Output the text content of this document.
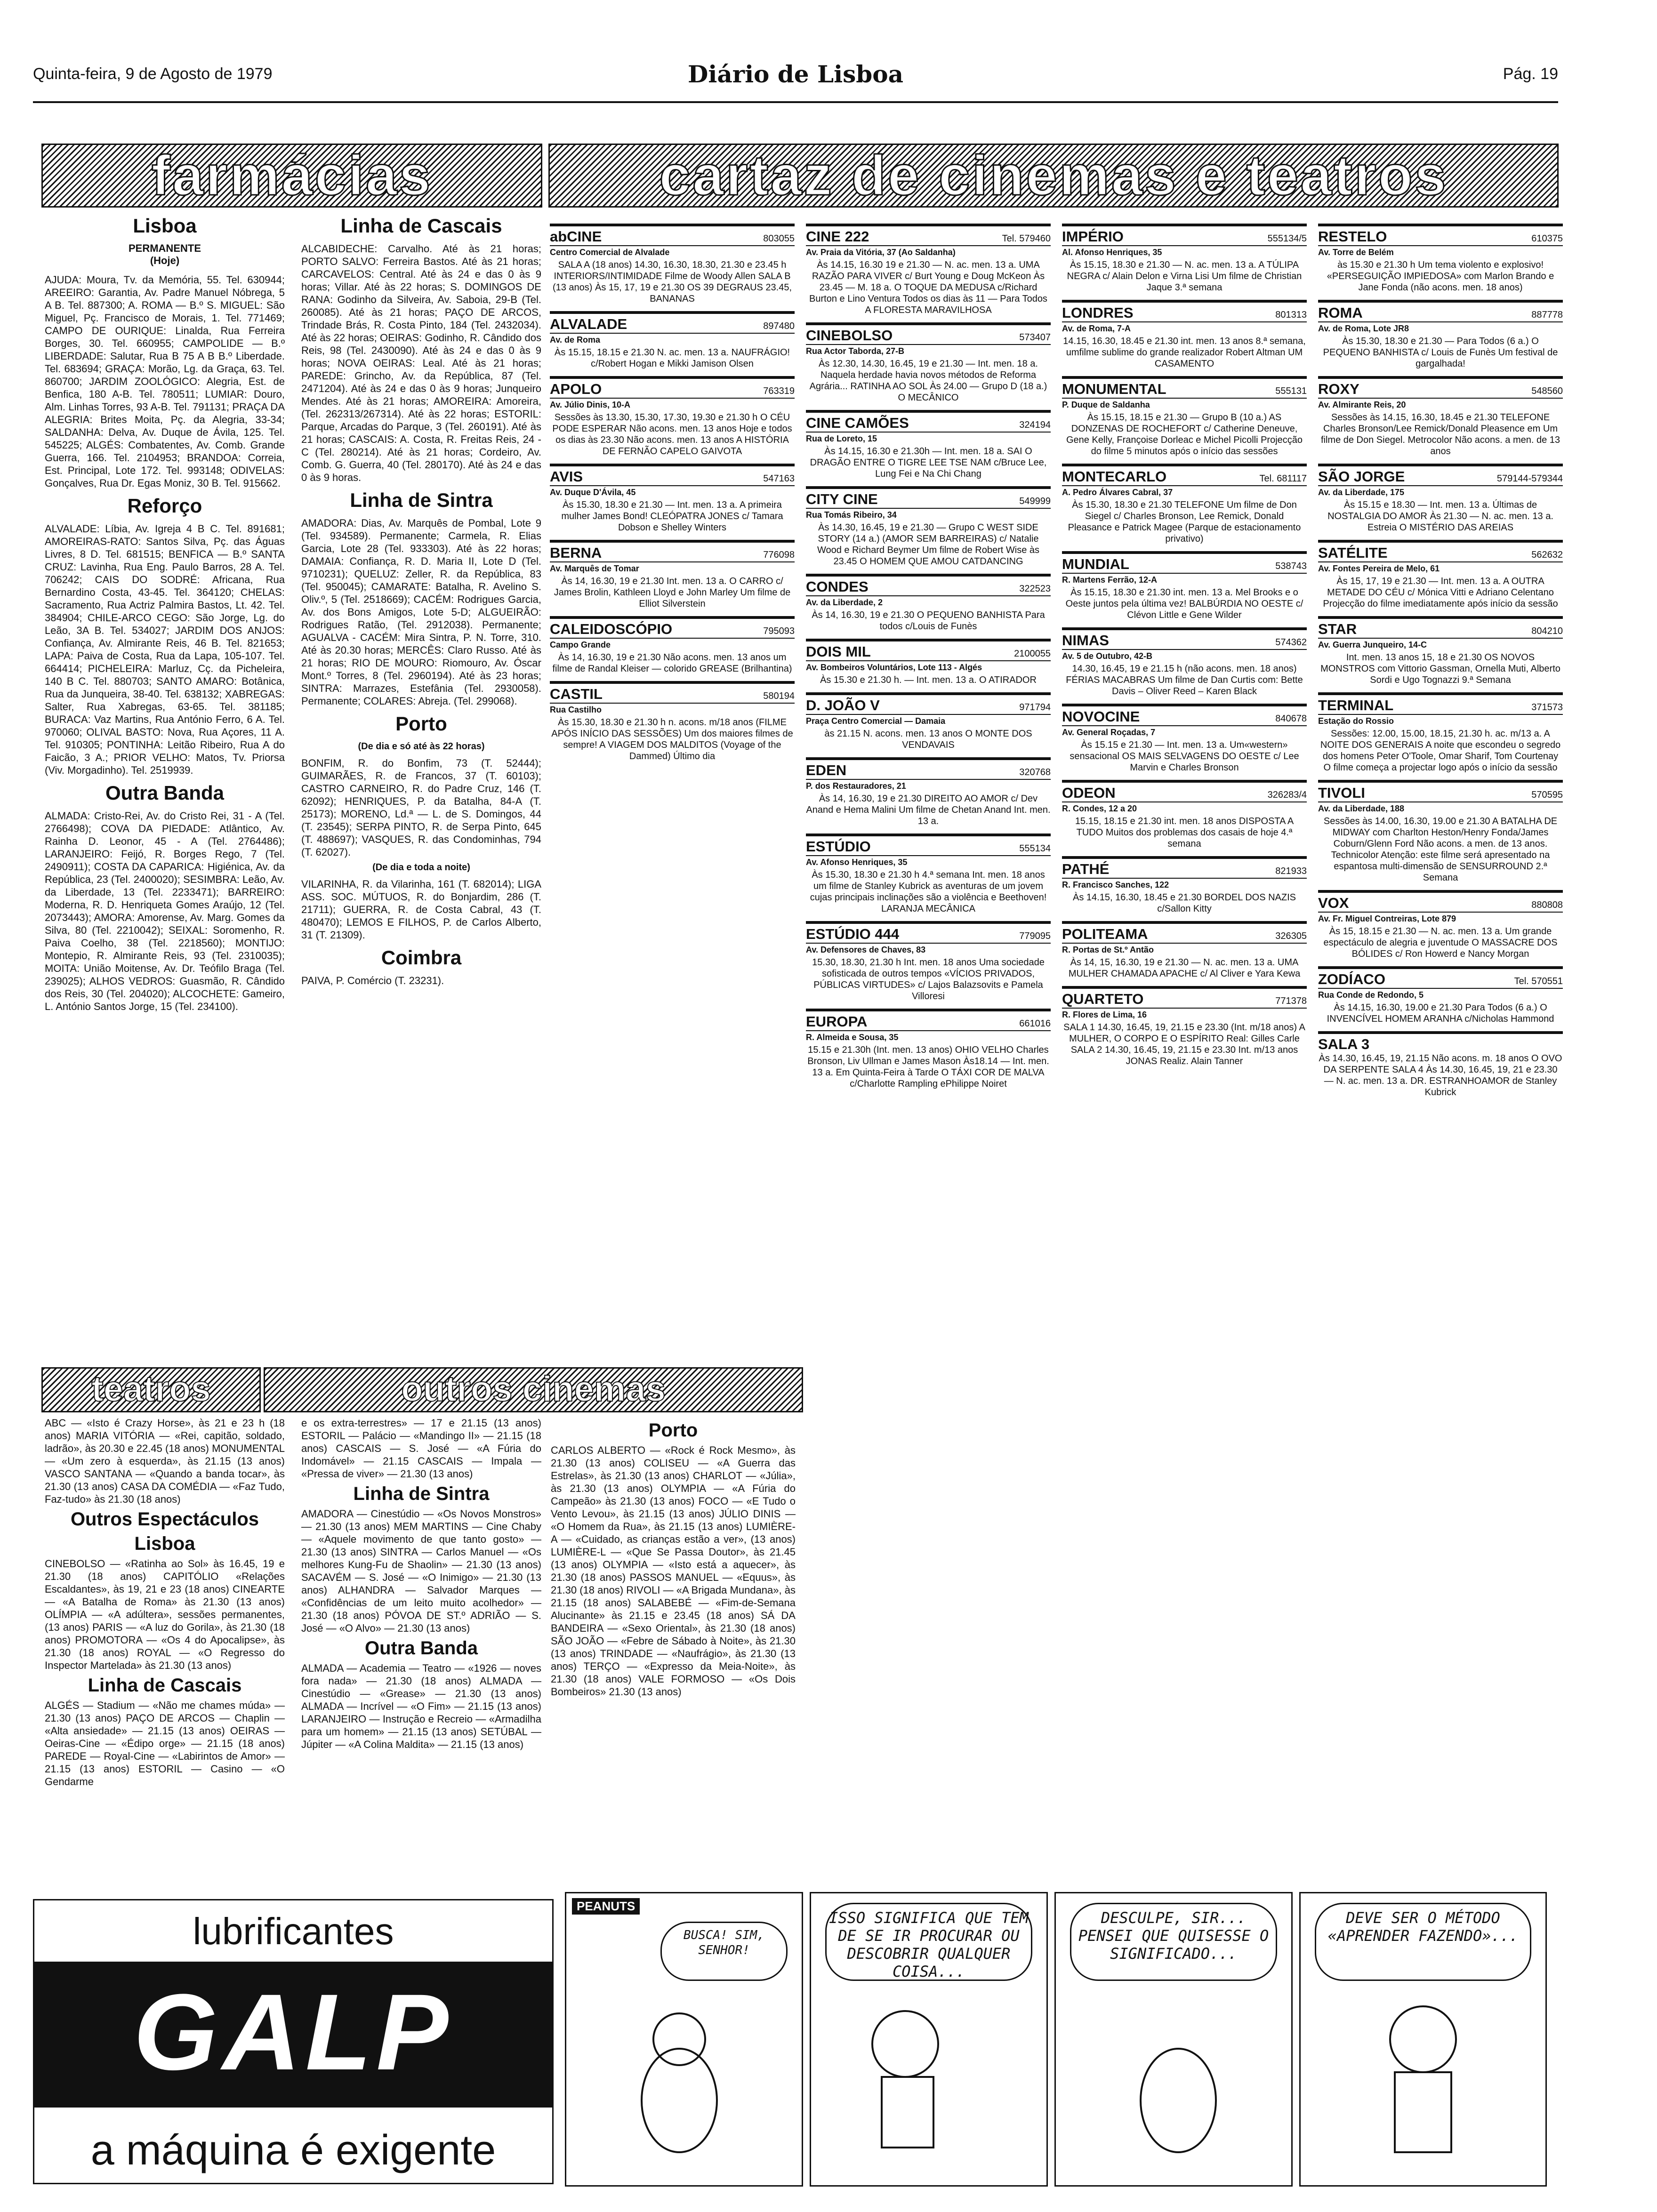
Quinta-feira, 9 de Agosto de 1979	Diário de Lisboa	Pág. 19
farmácias	cartaz de cinemas e teatros
Lisboa
PERMANENTE
(Hoje)

AJUDA: Moura, Tv. da Memória, 55. Tel. 630944; AREEIRO: Garantia, Av. Padre Manuel Nóbrega, 5 A B. Tel. 887300; A. ROMA — B.º S. MIGUEL: São Miguel, Pç. Francisco de Morais, 1. Tel. 771469; CAMPO DE OURIQUE: Linalda, Rua Ferreira Borges, 30. Tel. 660955; CAMPOLIDE — B.º LIBERDADE: Salutar, Rua B 75 A B B.º Liberdade. Tel. 683694; GRAÇA: Morão, Lg. da Graça, 63. Tel. 860700; JARDIM ZOOLÓGICO: Alegria, Est. de Benfica, 180 A-B. Tel. 780511; LUMIAR: Douro, Alm. Linhas Torres, 93 A-B. Tel. 791131; PRAÇA DA ALEGRIA: Brites Moita, Pç. da Alegria, 33-34; SALDANHA: Delva, Av. Duque de Ávila, 125. Tel. 545225; ALGÉS: Combatentes, Av. Comb. Grande Guerra, 166. Tel. 2104953; BRANDOA: Correia, Est. Principal, Lote 172. Tel. 993148; ODIVELAS: Gonçalves, Rua Dr. Egas Moniz, 30 B. Tel. 915662.

Reforço

ALVALADE: Líbia, Av. Igreja 4 B C. Tel. 891681; AMOREIRAS-RATO: Santos Silva, Pç. das Águas Livres, 8 D. Tel. 681515; BENFICA — B.º SANTA CRUZ: Lavinha, Rua Eng. Paulo Barros, 28 A. Tel. 706242; CAIS DO SODRÉ: Africana, Rua Bernardino Costa, 43-45. Tel. 364120; CHELAS: Sacramento, Rua Actriz Palmira Bastos, Lt. 42. Tel. 384904; CHILE-ARCO CEGO: São Jorge, Lg. do Leão, 3A B. Tel. 534027; JARDIM DOS ANJOS: Confiança, Av. Almirante Reis, 46 B. Tel. 821653; LAPA: Paiva de Costa, Rua da Lapa, 105-107. Tel. 664414; PICHELEIRA: Marluz, Cç. da Picheleira, 140 B C. Tel. 880703; SANTO AMARO: Botânica, Rua da Junqueira, 38-40. Tel. 638132; XABREGAS: Salter, Rua Xabregas, 63-65. Tel. 381185; BURACA: Vaz Martins, Rua António Ferro, 6 A. Tel. 970060; OLIVAL BASTO: Nova, Rua Açores, 11 A. Tel. 910305; PONTINHA: Leitão Ribeiro, Rua A do Faicão, 3 A.; PRIOR VELHO: Matos, Tv. Priorsa (Viv. Morgadinho). Tel. 2519939.

Outra Banda

ALMADA: Cristo-Rei, Av. do Cristo Rei, 31 - A (Tel. 2766498); COVA DA PIEDADE: Atlântico, Av. Rainha D. Leonor, 45 - A (Tel. 2764486); LARANJEIRO: Feijó, R. Borges Rego, 7 (Tel. 2490911); COSTA DA CAPARICA: Higiénica, Av. da República, 23 (Tel. 2400020); SESIMBRA: Leão, Av. da Liberdade, 13 (Tel. 2233471); BARREIRO: Moderna, R. D. Henriqueta Gomes Araújo, 12 (Tel. 2073443); AMORA: Amorense, Av. Marg. Gomes da Silva, 80 (Tel. 2210042); SEIXAL: Soromenho, R. Paiva Coelho, 38 (Tel. 2218560); MONTIJO: Montepio, R. Almirante Reis, 93 (Tel. 2310035); MOITA: União Moitense, Av. Dr. Teófilo Braga (Tel. 239025); ALHOS VEDROS: Guasmão, R. Cândido dos Reis, 30 (Tel. 204020); ALCOCHETE: Gameiro, L. António Santos Jorge, 15 (Tel. 234100).

Linha de Cascais

ALCABIDECHE: Carvalho. Até às 21 horas; PORTO SALVO: Ferreira Bastos. Até às 21 horas; CARCAVELOS: Central. Até às 24 e das 0 às 9 horas; Villar. Até às 22 horas; S. DOMINGOS DE RANA: Godinho da Silveira, Av. Saboia, 29-B (Tel. 260085). Até às 21 horas; PAÇO DE ARCOS, Trindade Brás, R. Costa Pinto, 184 (Tel. 2432034). Até às 22 horas; OEIRAS: Godinho, R. Cândido dos Reis, 98 (Tel. 2430090). Até às 24 e das 0 às 9 horas; NOVA OEIRAS: Leal. Até às 21 horas; PAREDE: Grincho, Av. da República, 87 (Tel. 2471204). Até às 24 e das 0 às 9 horas; Junqueiro Mendes. Até às 21 horas; AMOREIRA: Amoreira, (Tel. 262313/267314). Até às 22 horas; ESTORIL: Parque, Arcadas do Parque, 3 (Tel. 260191). Até às 21 horas; CASCAIS: A. Costa, R. Freitas Reis, 24 - C (Tel. 280214). Até às 21 horas; Cordeiro, Av. Comb. G. Guerra, 40 (Tel. 280170). Até às 24 e das 0 às 9 horas.

Linha de Sintra

AMADORA: Dias, Av. Marquês de Pombal, Lote 9 (Tel. 934589). Permanente; Carmela, R. Elias Garcia, Lote 28 (Tel. 933303). Até às 22 horas; DAMAIA: Confiança, R. D. Maria II, Lote D (Tel. 9710231); QUELUZ: Zeller, R. da República, 83 (Tel. 950045); CAMARATE: Batalha, R. Avelino S. Oliv.º, 5 (Tel. 2518669); CACÉM: Rodrigues Garcia, Av. dos Bons Amigos, Lote 5-D; ALGUEIRÃO: Rodrigues Ratão, (Tel. 2912038). Permanente; AGUALVA - CACÉM: Mira Sintra, P. N. Torre, 310. Até às 20.30 horas; MERCÊS: Claro Russo. Até às 21 horas; RIO DE MOURO: Riomouro, Av. Óscar Mont.º Torres, 8 (Tel. 2960194). Até às 23 horas; SINTRA: Marrazes, Estefânia (Tel. 2930058). Permanente; COLARES: Abreja. (Tel. 299068).

Porto
(De dia e só até às 22 horas)

BONFIM, R. do Bonfim, 73 (T. 52444); GUIMARÃES, R. de Francos, 37 (T. 60103); CASTRO CARNEIRO, R. do Padre Cruz, 146 (T. 62092); HENRIQUES, P. da Batalha, 84-A (T. 25173); MORENO, Ld.ª — L. de S. Domingos, 44 (T. 23545); SERPA PINTO, R. de Serpa Pinto, 645 (T. 488697); VASQUES, R. das Condominhas, 794 (T. 62027).

(De dia e toda a noite)

VILARINHA, R. da Vilarinha, 161 (T. 682014); LIGA ASS. SOC. MÚTUOS, R. do Bonjardim, 286 (T. 21711); GUERRA, R. de Costa Cabral, 43 (T. 480470); LEMOS E FILHOS, P. de Carlos Alberto, 31 (T. 21309).

Coimbra

PAIVA, P. Comércio (T. 23231).

abCINE	803055
Centro Comercial de Alvalade
SALA A (18 anos) 14.30, 16.30, 18.30, 21.30 e 23.45 h INTERIORS/INTIMIDADE Filme de Woody Allen SALA B (13 anos) Às 15, 17, 19 e 21.30 OS 39 DEGRAUS 23.45, BANANAS
ALVALADE	897480
Av. de Roma
Às 15.15, 18.15 e 21.30 N. ac. men. 13 a. NAUFRÁGIO! c/Robert Hogan e Mikki Jamison Olsen
APOLO	763319
Av. Júlio Dinis, 10-A
Sessões às 13.30, 15.30, 17.30, 19.30 e 21.30 h O CÉU PODE ESPERAR Não acons. men. 13 anos Hoje e todos os dias às 23.30 Não acons. men. 13 anos A HISTÓRIA DE FERNÃO CAPELO GAIVOTA
AVIS	547163
Av. Duque D'Ávila, 45
Às 15.30, 18.30 e 21.30 — Int. men. 13 a. A primeira mulher James Bond! CLEÓPATRA JONES c/ Tamara Dobson e Shelley Winters
BERNA	776098
Av. Marquês de Tomar
Às 14, 16.30, 19 e 21.30 Int. men. 13 a. O CARRO c/ James Brolin, Kathleen Lloyd e John Marley Um filme de Elliot Silverstein
CALEIDOSCÓPIO	795093
Campo Grande
Às 14, 16.30, 19 e 21.30 Não acons. men. 13 anos um filme de Randal Kleiser — colorido GREASE (Brilhantina)
CASTIL	580194
Rua Castilho
Às 15.30, 18.30 e 21.30 h n. acons. m/18 anos (FILME APÓS INÍCIO DAS SESSÕES) Um dos maiores filmes de sempre! A VIAGEM DOS MALDITOS (Voyage of the Dammed) Último dia
CINE 222	Tel. 579460
Av. Praia da Vitória, 37 (Ao Saldanha)
Às 14.15, 16.30 19 e 21.30 — N. ac. men. 13 a. UMA RAZÃO PARA VIVER c/ Burt Young e Doug McKeon Às 23.45 — M. 18 a. O TOQUE DA MEDUSA c/Richard Burton e Lino Ventura Todos os dias às 11 — Para Todos A FLORESTA MARAVILHOSA
CINEBOLSO	573407
Rua Actor Taborda, 27-B
Às 12.30, 14.30, 16.45, 19 e 21.30 — Int. men. 18 a. Naquela herdade havia novos métodos de Reforma Agrária... RATINHA AO SOL Às 24.00 — Grupo D (18 a.) O MECÂNICO
CINE CAMÕES	324194
Rua de Loreto, 15
Às 14.15, 16.30 e 21.30h — Int. men. 18 a. SAI O DRAGÃO ENTRE O TIGRE LEE TSE NAM c/Bruce Lee, Lung Fei e Na Chi Chang
CITY CINE	549999
Rua Tomás Ribeiro, 34
Às 14.30, 16.45, 19 e 21.30 — Grupo C WEST SIDE STORY (14 a.) (AMOR SEM BARREIRAS) c/ Natalie Wood e Richard Beymer Um filme de Robert Wise às 23.45 O HOMEM QUE AMOU CATDANCING
CONDES	322523
Av. da Liberdade, 2
Às 14, 16.30, 19 e 21.30 O PEQUENO BANHISTA Para todos c/Louis de Funès
DOIS MIL	2100055
Av. Bombeiros Voluntários, Lote 113 - Algés
Às 15.30 e 21.30 h. — Int. men. 13 a. O ATIRADOR
D. JOÃO V	971794
Praça Centro Comercial — Damaia
às 21.15 N. acons. men. 13 anos O MONTE DOS VENDAVAIS
EDEN	320768
P. dos Restauradores, 21
Às 14, 16.30, 19 e 21.30 DIREITO AO AMOR c/ Dev Anand e Hema Malini Um filme de Chetan Anand Int. men. 13 a.
ESTÚDIO	555134
Av. Afonso Henriques, 35
Às 15.30, 18.30 e 21.30 h 4.ª semana Int. men. 18 anos um filme de Stanley Kubrick as aventuras de um jovem cujas principais inclinações são a violência e Beethoven! LARANJA MECÂNICA
ESTÚDIO 444	779095
Av. Defensores de Chaves, 83
15.30, 18.30, 21.30 h Int. men. 18 anos Uma sociedade sofisticada de outros tempos «VÍCIOS PRIVADOS, PÚBLICAS VIRTUDES» c/ Lajos Balazsovits e Pamela Villoresi
EUROPA	661016
R. Almeida e Sousa, 35
15.15 e 21.30h (Int. men. 13 anos) OHIO VELHO Charles Bronson, Liv Ullman e James Mason Às18.14 — Int. men. 13 a. Em Quinta-Feira à Tarde O TÁXI COR DE MALVA c/Charlotte Rampling ePhilippe Noiret
IMPÉRIO	555134/5
Al. Afonso Henriques, 35
Às 15.15, 18.30 e 21.30 — N. ac. men. 13 a. A TÚLIPA NEGRA c/ Alain Delon e Virna Lisi Um filme de Christian Jaque 3.ª semana
LONDRES	801313
Av. de Roma, 7-A
14.15, 16.30, 18.45 e 21.30 int. men. 13 anos 8.ª semana, umfilme sublime do grande realizador Robert Altman UM CASAMENTO
MONUMENTAL	555131
P. Duque de Saldanha
Às 15.15, 18.15 e 21.30 — Grupo B (10 a.) AS DONZENAS DE ROCHEFORT c/ Catherine Deneuve, Gene Kelly, Françoise Dorleac e Michel Picolli Projecção do filme 5 minutos após o início das sessões
MONTECARLO	Tel. 681117
A. Pedro Álvares Cabral, 37
Às 15.30, 18.30 e 21.30 TELEFONE Um filme de Don Siegel c/ Charles Bronson, Lee Remick, Donald Pleasance e Patrick Magee (Parque de estacionamento privativo)
MUNDIAL	538743
R. Martens Ferrão, 12-A
Às 15.15, 18.30 e 21.30 int. men. 13 a. Mel Brooks e o Oeste juntos pela última vez! BALBÚRDIA NO OESTE c/ Clévon Little e Gene Wilder
NIMAS	574362
Av. 5 de Outubro, 42-B
14.30, 16.45, 19 e 21.15 h (não acons. men. 18 anos) FÉRIAS MACABRAS Um filme de Dan Curtis com: Bette Davis – Oliver Reed – Karen Black
NOVOCINE	840678
Av. General Roçadas, 7
Às 15.15 e 21.30 — Int. men. 13 a. Um«western» sensacional OS MAIS SELVAGENS DO OESTE c/ Lee Marvin e Charles Bronson
ODEON	326283/4
R. Condes, 12 a 20
15.15, 18.15 e 21.30 int. men. 18 anos DISPOSTA A TUDO Muitos dos problemas dos casais de hoje 4.ª semana
PATHÉ	821933
R. Francisco Sanches, 122
Às 14.15, 16.30, 18.45 e 21.30 BORDEL DOS NAZIS c/Sallon Kitty
POLITEAMA	326305
R. Portas de St.º Antão
Às 14, 15, 16.30, 19 e 21.30 — N. ac. men. 13 a. UMA MULHER CHAMADA APACHE c/ Al Cliver e Yara Kewa
QUARTETO	771378
R. Flores de Lima, 16
SALA 1 14.30, 16.45, 19, 21.15 e 23.30 (Int. m/18 anos) A MULHER, O CORPO E O ESPÍRITO Real: Gilles Carle SALA 2 14.30, 16.45, 19, 21.15 e 23.30 Int. m/13 anos JONAS Realiz. Alain Tanner
RESTELO	610375
Av. Torre de Belém
às 15.30 e 21.30 h Um tema violento e explosivo! «PERSEGUIÇÃO IMPIEDOSA» com Marlon Brando e Jane Fonda (não acons. men. 18 anos)
ROMA	887778
Av. de Roma, Lote JR8
Às 15.30, 18.30 e 21.30 — Para Todos (6 a.) O PEQUENO BANHISTA c/ Louis de Funès Um festival de gargalhada!
ROXY	548560
Av. Almirante Reis, 20
Sessões às 14.15, 16.30, 18.45 e 21.30 TELEFONE Charles Bronson/Lee Remick/Donald Pleasence em Um filme de Don Siegel. Metrocolor Não acons. a men. de 13 anos
SÃO JORGE	579144-579344
Av. da Liberdade, 175
Às 15.15 e 18.30 — Int. men. 13 a. Últimas de NOSTALGIA DO AMOR Às 21.30 — N. ac. men. 13 a. Estreia O MISTÉRIO DAS AREIAS
SATÉLITE	562632
Av. Fontes Pereira de Melo, 61
Às 15, 17, 19 e 21.30 — Int. men. 13 a. A OUTRA METADE DO CÉU c/ Mónica Vitti e Adriano Celentano Projecção do filme imediatamente após início da sessão
STAR	804210
Av. Guerra Junqueiro, 14-C
Int. men. 13 anos 15, 18 e 21.30 OS NOVOS MONSTROS com Vittorio Gassman, Ornella Muti, Alberto Sordi e Ugo Tognazzi 9.ª Semana
TERMINAL	371573
Estação do Rossio
Sessões: 12.00, 15.00, 18.15, 21.30 h. ac. m/13 a. A NOITE DOS GENERAIS A noite que escondeu o segredo dos homens Peter O'Toole, Omar Sharif, Tom Courtenay O filme começa a projectar logo após o início da sessão
TIVOLI	570595
Av. da Liberdade, 188
Sessões às 14.00, 16.30, 19.00 e 21.30 A BATALHA DE MIDWAY com Charlton Heston/Henry Fonda/James Coburn/Glenn Ford Não acons. a men. de 13 anos. Technicolor Atenção: este filme será apresentado na espantosa multi-dimensão de SENSURROUND 2.ª Semana
VOX	880808
Av. Fr. Miguel Contreiras, Lote 879
Às 15, 18.15 e 21.30 — N. ac. men. 13 a. Um grande espectáculo de alegria e juventude O MASSACRE DOS BÓLIDES c/ Ron Howerd e Nancy Morgan
ZODÍACO	Tel. 570551
Rua Conde de Redondo, 5
Às 14.15, 16.30, 19.00 e 21.30 Para Todos (6 a.) O INVENCÍVEL HOMEM ARANHA c/Nicholas Hammond
SALA 3
Às 14.30, 16.45, 19, 21.15 Não acons. m. 18 anos O OVO DA SERPENTE SALA 4 Às 14.30, 16.45, 19, 21 e 23.30 — N. ac. men. 13 a. DR. ESTRANHOAMOR de Stanley Kubrick
teatros	outros cinemas

ABC — «Isto é Crazy Horse», às 21 e 23 h (18 anos) MARIA VITÓRIA — «Rei, capitão, soldado, ladrão», às 20.30 e 22.45 (18 anos) MONUMENTAL — «Um zero à esquerda», às 21.15 (13 anos) VASCO SANTANA — «Quando a banda tocar», às 21.30 (13 anos) CASA DA COMÉDIA — «Faz Tudo, Faz-tudo» às 21.30 (18 anos)

Outros Espectáculos
Lisboa

CINEBOLSO — «Ratinha ao Sol» às 16.45, 19 e 21.30 (18 anos) CAPITÓLIO «Relações Escaldantes», às 19, 21 e 23 (18 anos) CINEARTE — «A Batalha de Roma» às 21.30 (13 anos) OLÍMPIA — «A adúltera», sessões permanentes, (13 anos) PARIS — «A luz do Gorila», às 21.30 (18 anos) PROMOTORA — «Os 4 do Apocalipse», às 21.30 (18 anos) ROYAL — «O Regresso do Inspector Martelada» às 21.30 (13 anos)

Linha de Cascais

ALGÉS — Stadium — «Não me chames múda» — 21.30 (13 anos) PAÇO DE ARCOS — Chaplin — «Alta ansiedade» — 21.15 (13 anos) OEIRAS — Oeiras-Cine — «Édipo orge» — 21.15 (18 anos) PAREDE — Royal-Cine — «Labirintos de Amor» — 21.15 (13 anos) ESTORIL — Casino — «O Gendarme

e os extra-terrestres» — 17 e 21.15 (13 anos) ESTORIL — Palácio — «Mandingo II» — 21.15 (18 anos) CASCAIS — S. José — «A Fúria do Indomável» — 21.15 CASCAIS — Impala — «Pressa de viver» — 21.30 (13 anos)

Linha de Sintra

AMADORA — Cinestúdio — «Os Novos Monstros» — 21.30 (13 anos) MEM MARTINS — Cine Chaby — «Aquele movimento de que tanto gosto» — 21.30 (13 anos) SINTRA — Carlos Manuel — «Os melhores Kung-Fu de Shaolin» — 21.30 (13 anos) SACAVÉM — S. José — «O Inimigo» — 21.30 (13 anos) ALHANDRA — Salvador Marques — «Confidências de um leito muito acolhedor» — 21.30 (18 anos) PÓVOA DE ST.º ADRIÃO — S. José — «O Alvo» — 21.30 (13 anos)

Outra Banda

ALMADA — Academia — Teatro — «1926 — noves fora nada» — 21.30 (18 anos) ALMADA — Cinestúdio — «Grease» — 21.30 (13 anos) ALMADA — Incrível — «O Fim» — 21.15 (13 anos) LARANJEIRO — Instrução e Recreio — «Armadilha para um homem» — 21.15 (13 anos) SETÚBAL — Júpiter — «A Colina Maldita» — 21.15 (13 anos)

Porto

CARLOS ALBERTO — «Rock é Rock Mesmo», às 21.30 (13 anos) COLISEU — «A Guerra das Estrelas», às 21.30 (13 anos) CHARLOT — «Júlia», às 21.30 (13 anos) OLYMPIA — «A Fúria do Campeão» às 21.30 (13 anos) FOCO — «E Tudo o Vento Levou», às 21.15 (13 anos) JÚLIO DINIS — «O Homem da Rua», às 21.15 (13 anos) LUMIÈRE-A — «Cuidado, as crianças estão a ver», (13 anos) LUMIÈRE-L — «Que Se Passa Doutor», às 21.45 (13 anos) OLYMPIA — «Isto está a aquecer», às 21.30 (18 anos) PASSOS MANUEL — «Equus», às 21.30 (18 anos) RIVOLI — «A Brigada Mundana», às 21.15 (18 anos) SALABEBÉ — «Fim-de-Semana Alucinante» às 21.15 e 23.45 (18 anos) SÁ DA BANDEIRA — «Sexo Oriental», às 21.30 (18 anos) SÃO JOÃO — «Febre de Sábado à Noite», às 21.30 (13 anos) TRINDADE — «Naufrágio», às 21.30 (13 anos) TERÇO — «Expresso da Meia-Noite», às 21.30 (18 anos) VALE FORMOSO — «Os Dois Bombeiros» 21.30 (13 anos)

lubrificantes
GALP
a máquina é exigente
PEANUTS
BUSCA! SIM, SENHOR!
ISSO SIGNIFICA QUE TEM DE SE IR PROCURAR OU DESCOBRIR QUALQUER COISA...
DESCULPE, SIR... PENSEI QUE QUISESSE O SIGNIFICADO...
DEVE SER O MÉTODO «APRENDER FAZENDO»...
